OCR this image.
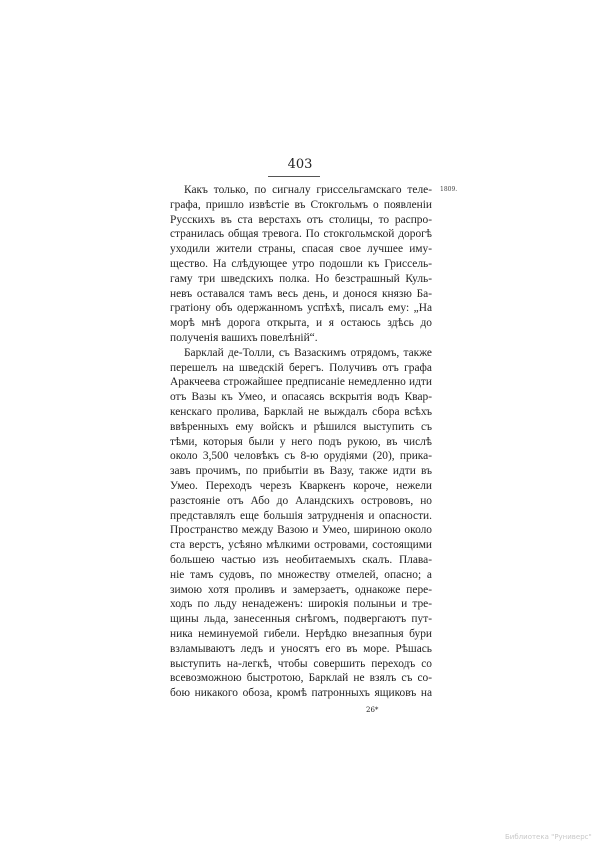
403
1809.
Какъ только, по сигналу гриссельгамскаго теле-
графа, пришло извѣстіе въ Стокгольмъ о появленіи
Русскихъ въ ста верстахъ отъ столицы, то распро-
странилась общая тревога. По стокгольмской дорогѣ
уходили жители страны, спасая свое лучшее иму-
щество. На слѣдующее утро подошли къ Гриссель-
гаму три шведскихъ полка. Но безстрашный Куль-
невъ оставался тамъ весь день, и донося князю Ба-
гратіону объ одержанномъ успѣхѣ, писалъ ему: „На
морѣ мнѣ дорога открыта, и я остаюсь здѣсь до
полученія вашихъ повелѣній“.
Барклай де-Толли, съ Вазаскимъ отрядомъ, также
перешелъ на шведскій берегъ. Получивъ отъ графа
Аракчеева строжайшее предписаніе немедленно идти
отъ Вазы къ Умео, и опасаясь вскрытія водъ Квар-
кенскаго пролива, Барклай не выждалъ сбора всѣхъ
ввѣренныхъ ему войскъ и рѣшился выступить съ
тѣми, которыя были у него подъ рукою, въ числѣ
около 3,500 человѣкъ съ 8-ю орудіями (20), прика-
завъ прочимъ, по прибытіи въ Вазу, также идти въ
Умео. Переходъ черезъ Кваркенъ короче, нежели
разстояніе отъ Або до Аландскихъ острововъ, но
представлялъ еще большія затрудненія и опасности.
Пространство между Вазою и Умео, шириною около
ста верстъ, усѣяно мѣлкими островами, состоящими
большею частью изъ необитаемыхъ скалъ. Плава-
ніе тамъ судовъ, по множеству отмелей, опасно; а
зимою хотя проливъ и замерзаетъ, однакоже пере-
ходъ по льду ненадеженъ: широкія полыньи и тре-
щины льда, занесенныя снѣгомъ, подвергаютъ пут-
ника неминуемой гибели. Нерѣдко внезапныя бури
взламываютъ ледъ и уносятъ его въ море. Рѣшась
выступить на-легкѣ, чтобы совершить переходъ со
всевозможною быстротою, Барклай не взялъ съ со-
бою никакого обоза, кромѣ патронныхъ ящиковъ на
26*
Библиотека "Руниверс"
